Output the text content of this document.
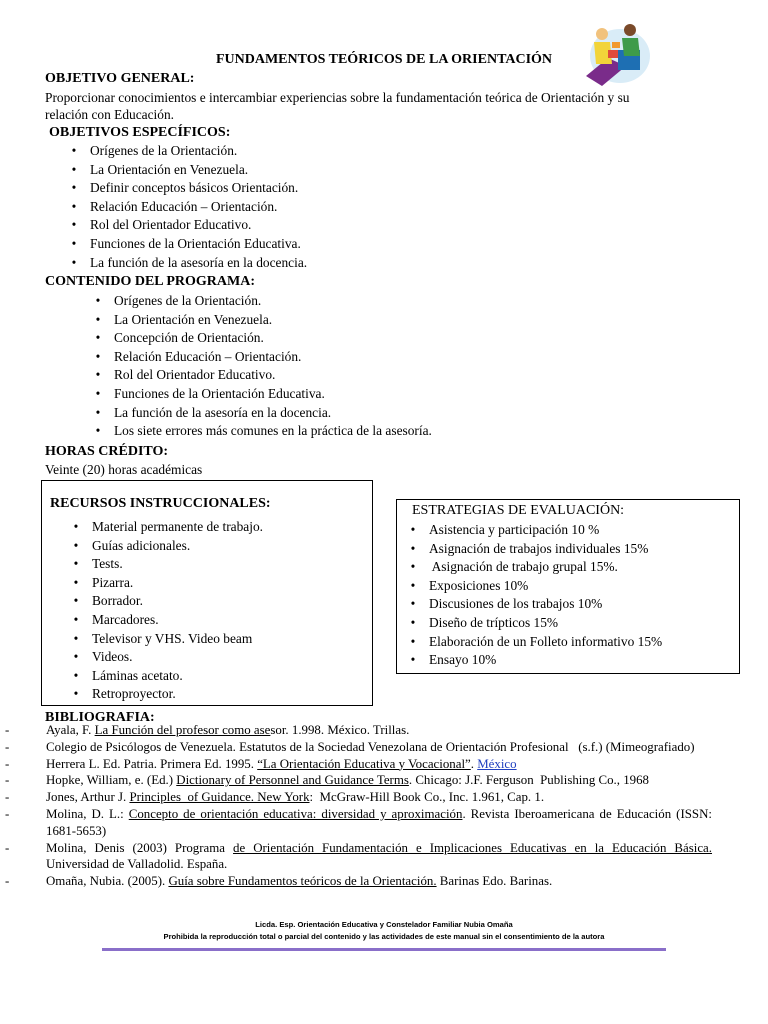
FUNDAMENTOS TEÓRICOS DE LA ORIENTACIÓN
OBJETIVO GENERAL:
Proporcionar conocimientos e intercambiar experiencias sobre la fundamentación teórica de Orientación y su
relación con Educación.
OBJETIVOS ESPECÍFICOS:
• Orígenes de la Orientación.
• La Orientación en Venezuela.
• Definir conceptos básicos Orientación.
• Relación Educación – Orientación.
• Rol del Orientador Educativo.
• Funciones de la Orientación Educativa.
• La función de la asesoría en la docencia.
CONTENIDO DEL PROGRAMA:
• Orígenes de la Orientación.
• La Orientación en Venezuela.
• Concepción de Orientación.
• Relación Educación – Orientación.
• Rol del Orientador Educativo.
• Funciones de la Orientación Educativa.
• La función de la asesoría en la docencia.
• Los siete errores más comunes en la práctica de la asesoría.
HORAS CRÉDITO:
Veinte (20) horas académicas
RECURSOS INSTRUCCIONALES:
• Material permanente de trabajo.
• Guías adicionales.
• Tests.
• Pizarra.
• Borrador.
• Marcadores.
• Televisor y VHS. Video beam
• Videos.
• Láminas acetato.
• Retroproyector.
ESTRATEGIAS DE EVALUACIÓN:
• Asistencia y participación 10 %
• Asignación de trabajos individuales 15%
• Asignación de trabajo grupal 15%.
• Exposiciones 10%
• Discusiones de los trabajos 10%
• Diseño de trípticos 15%
• Elaboración de un Folleto informativo 15%
• Ensayo 10%
BIBLIOGRAFIA:
-	Ayala, F. La Función del profesor como asesor. 1.998. México. Trillas.
-	Colegio de Psicólogos de Venezuela. Estatutos de la Sociedad Venezolana de Orientación Profesional   (s.f.) (Mimeografiado)
-	Herrera L. Ed. Patria. Primera Ed. 1995. “La Orientación Educativa y Vocacional”. México
-	Hopke, William, e. (Ed.) Dictionary of Personnel and Guidance Terms. Chicago: J.F. Ferguson  Publishing Co., 1968
-	Jones, Arthur J. Principles  of Guidance. New York:  McGraw-Hill Book Co., Inc. 1.961, Cap. 1.
-	Molina, D. L.: Concepto de orientación educativa: diversidad y aproximación. Revista Iberoamericana de Educación (ISSN: 1681-5653)
-	Molina, Denis (2003) Programa de Orientación Fundamentación e Implicaciones Educativas en la Educación Básica. Universidad de Valladolid. España.
-	Omaña, Nubia. (2005). Guía sobre Fundamentos teóricos de la Orientación. Barinas Edo. Barinas.
Licda. Esp. Orientación Educativa y Constelador Familiar Nubia Omaña
Prohibida la reproducción total o parcial del contenido y las actividades de este manual sin el consentimiento de la autora
